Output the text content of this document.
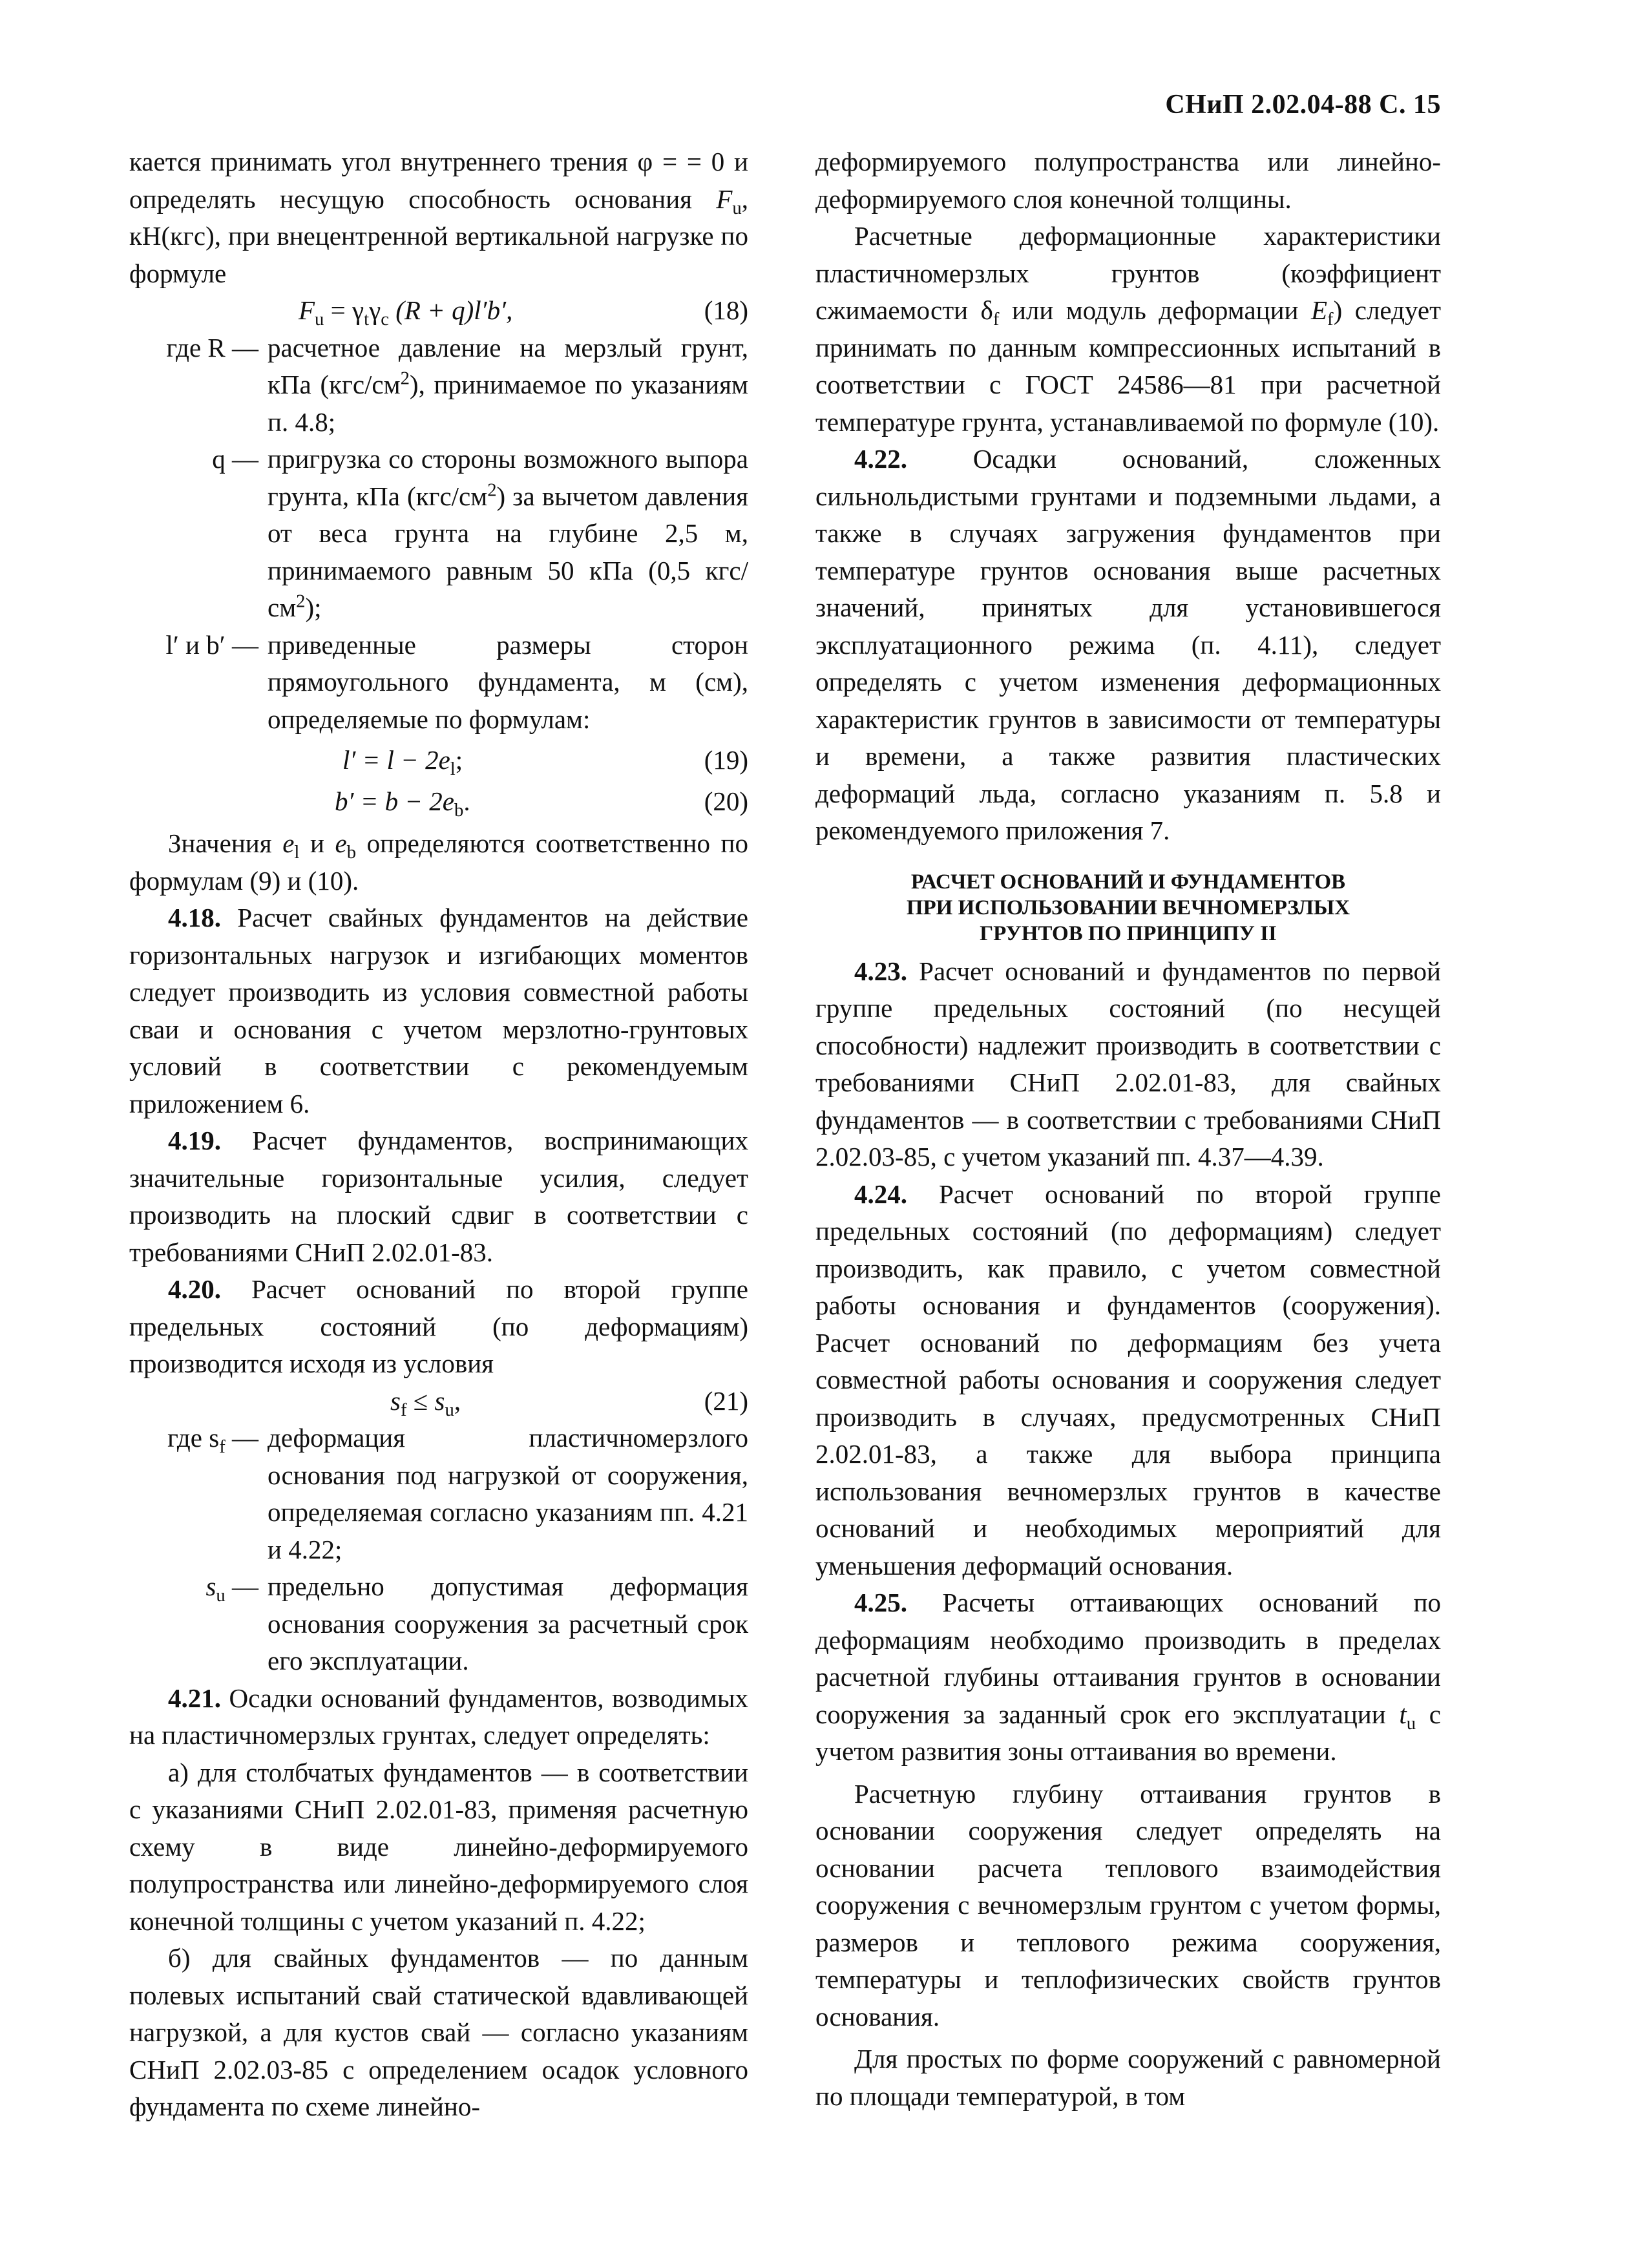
СНиП 2.02.04-88 С. 15

кается принимать угол внутреннего трения φ = = 0 и определять несущую способность основания $F_u$, кН(кгс), при внецентренной вертикальной нагрузке по формуле

$F_u = \gamma_t\gamma_c$ (R + q)l′b′,	(18)
где R — расчетное давление на мерзлый грунт, кПа $(кгс/см^2)$, принимаемое по указаниям п. 4.8;
q — пригрузка со стороны возможного выпора грунта, кПа $(кгс/см^2)$ за вычетом давления от веса грунта на глубине 2,5 м, принимаемого равным 50 кПа (0,5 кгс/$см^2$);
l′ и b′ — приведенные размеры сторон прямоугольного фундамента, м (см), определяемые по формулам:
$l' = l - 2e_l$;	(19)
$b' = b - 2e_b$.	(20)

Значения $e_l$ и $e_b$ определяются соответственно по формулам (9) и (10).

4.18. Расчет свайных фундаментов на действие горизонтальных нагрузок и изгибающих моментов следует производить из условия совместной работы сваи и основания с учетом мерзлотно-грунтовых условий в соответствии с рекомендуемым приложением 6.

4.19. Расчет фундаментов, воспринимающих значительные горизонтальные усилия, следует производить на плоский сдвиг в соответствии с требованиями СНиП 2.02.01-83.

4.20. Расчет оснований по второй группе предельных состояний (по деформациям) производится исходя из условия

$s_f \le s_u$,	(21)
где $s_f$ — деформация пластичномерзлого основания под нагрузкой от сооружения, определяемая согласно указаниям пп. 4.21 и 4.22;
$s_u$ — предельно допустимая деформация основания сооружения за расчетный срок его эксплуатации.

4.21. Осадки оснований фундаментов, возводимых на пластичномерзлых грунтах, следует определять:

а) для столбчатых фундаментов — в соответствии с указаниями СНиП 2.02.01-83, применяя расчетную схему в виде линейно-деформируемого полупространства или линейно-деформируемого слоя конечной толщины с учетом указаний п. 4.22;

б) для свайных фундаментов — по данным полевых испытаний свай статической вдавливающей нагрузкой, а для кустов свай — согласно указаниям СНиП 2.02.03-85 с определением осадок условного фундамента по схеме линейно-

деформируемого полупространства или линейно-деформируемого слоя конечной толщины.

Расчетные деформационные характеристики пластичномерзлых грунтов (коэффициент сжимаемости $\delta_f$ или модуль деформации $E_f$) следует принимать по данным компрессионных испытаний в соответствии с ГОСТ 24586—81 при расчетной температуре грунта, устанавливаемой по формуле (10).

4.22. Осадки оснований, сложенных сильнольдистыми грунтами и подземными льдами, а также в случаях загружения фундаментов при температуре грунтов основания выше расчетных значений, принятых для установившегося эксплуатационного режима (п. 4.11), следует определять с учетом изменения деформационных характеристик грунтов в зависимости от температуры и времени, а также развития пластических деформаций льда, согласно указаниям п. 5.8 и рекомендуемого приложения 7.

РАСЧЕТ ОСНОВАНИЙ И ФУНДАМЕНТОВ
ПРИ ИСПОЛЬЗОВАНИИ ВЕЧНОМЕРЗЛЫХ
ГРУНТОВ ПО ПРИНЦИПУ II

4.23. Расчет оснований и фундаментов по первой группе предельных состояний (по несущей способности) надлежит производить в соответствии с требованиями СНиП 2.02.01-83, для свайных фундаментов — в соответствии с требованиями СНиП 2.02.03-85, с учетом указаний пп. 4.37—4.39.

4.24. Расчет оснований по второй группе предельных состояний (по деформациям) следует производить, как правило, с учетом совместной работы основания и фундаментов (сооружения). Расчет оснований по деформациям без учета совместной работы основания и сооружения следует производить в случаях, предусмотренных СНиП 2.02.01-83, а также для выбора принципа использования вечномерзлых грунтов в качестве оснований и необходимых мероприятий для уменьшения деформаций основания.

4.25. Расчеты оттаивающих оснований по деформациям необходимо производить в пределах расчетной глубины оттаивания грунтов в основании сооружения за заданный срок его эксплуатации $t_u$ с учетом развития зоны оттаивания во времени.

Расчетную глубину оттаивания грунтов в основании сооружения следует определять на основании расчета теплового взаимодействия сооружения с вечномерзлым грунтом с учетом формы, размеров и теплового режима сооружения, температуры и теплофизических свойств грунтов основания.

Для простых по форме сооружений с равномерной по площади температурой, в том
